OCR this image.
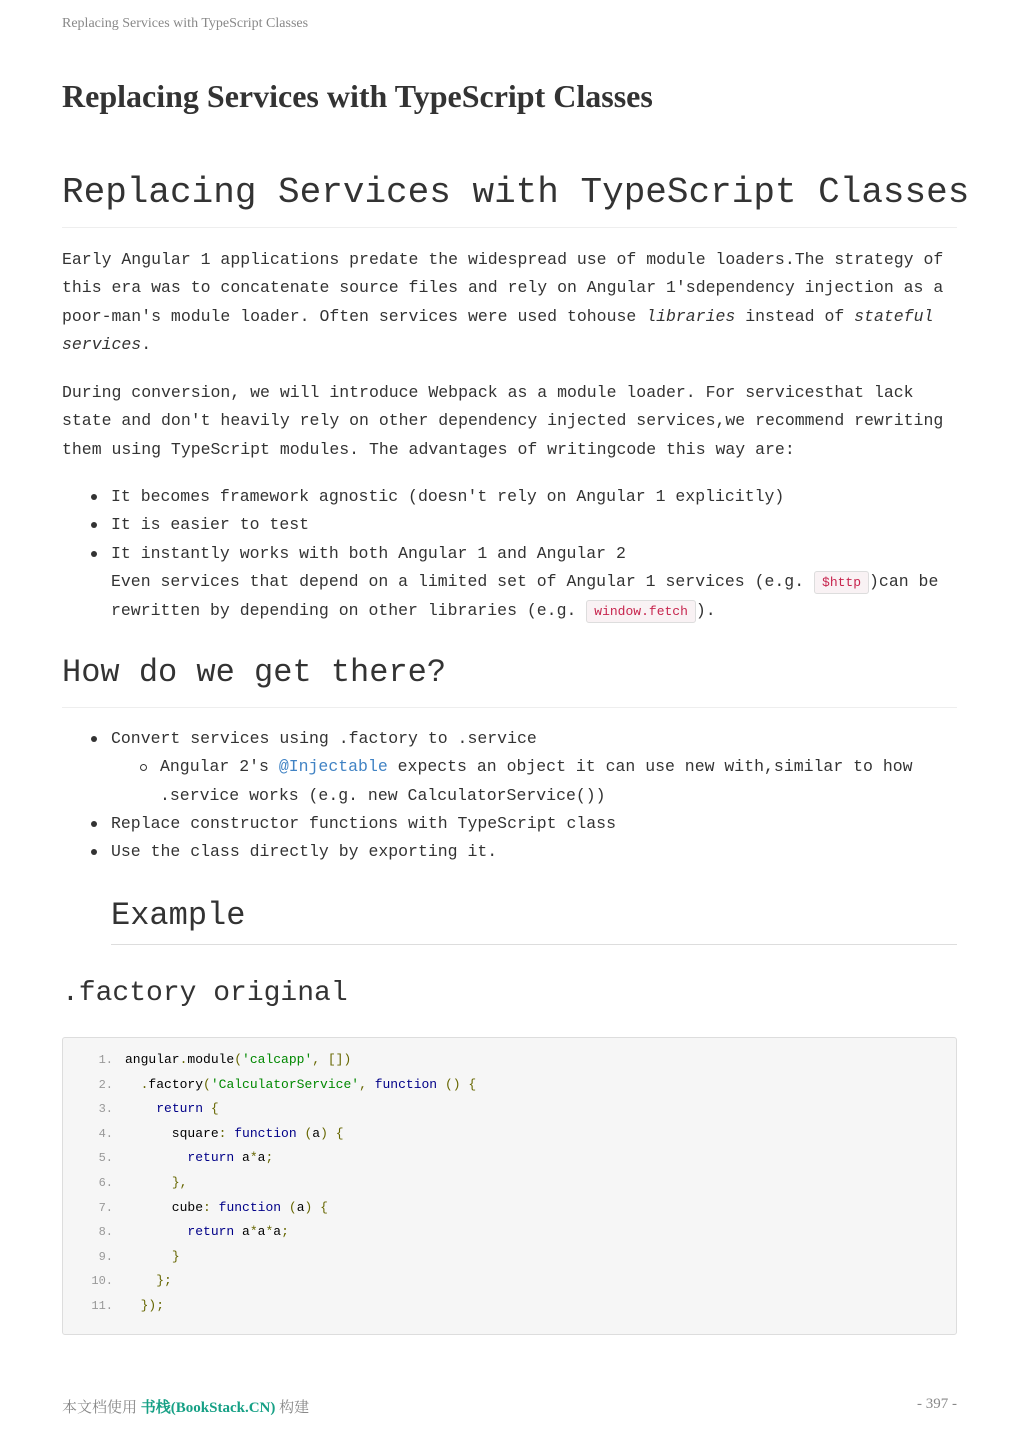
Replacing Services with TypeScript Classes
Replacing Services with TypeScript Classes
Replacing Services with TypeScript Classes

Early Angular 1 applications predate the widespread use of module loaders.The strategy of this era was to concatenate source files and rely on Angular 1'sdependency injection as a poor-man's module loader. Often services were used tohouse libraries instead of stateful services.

During conversion, we will introduce Webpack as a module loader. For servicesthat lack state and don't heavily rely on other dependency injected services,we recommend rewriting them using TypeScript modules. The advantages of writingcode this way are:

It becomes framework agnostic (doesn't rely on Angular 1 explicitly)
It is easier to test
It instantly works with both Angular 1 and Angular 2
Even services that depend on a limited set of Angular 1 services (e.g. $http )can be rewritten by depending on other libraries (e.g. window.fetch ).
How do we get there?
Convert services using .factory to .service
Angular 2's @Injectable expects an object it can use new with,similar to how .service works (e.g. new CalculatorService())
Replace constructor functions with TypeScript class
Use the class directly by exporting it.
Example
.factory original
1. angular.module('calcapp', [])
2.	.factory('CalculatorService', function () {
3.	return {
4. square: function (a) {
5.	return a*a;
6.	},
7. cube: function (a) {
8.	return a*a*a;
9.	}
10.	};
11.	});
本文档使用 书栈(BookStack.CN) 构建	- 397 -
